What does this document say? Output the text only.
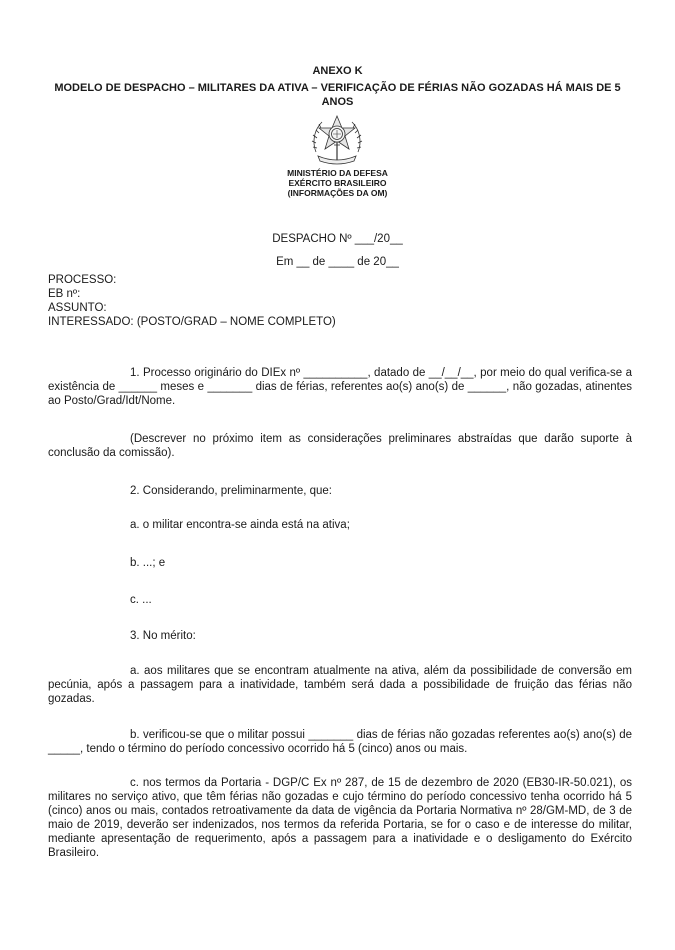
ANEXO K
MODELO DE DESPACHO – MILITARES DA ATIVA – VERIFICAÇÃO DE FÉRIAS NÃO GOZADAS HÁ MAIS DE 5 ANOS
MINISTÉRIO DA DEFESA
EXÉRCITO BRASILEIRO
(INFORMAÇÕES DA OM)
DESPACHO Nº ___/20__
Em __ de ____ de 20__
PROCESSO:
EB nº:
ASSUNTO:
INTERESSADO: (POSTO/GRAD – NOME COMPLETO)
1. Processo originário do DIEx nº __________, datado de __/__/__, por meio do qual verifica-se a existência de ______ meses e _______ dias de férias, referentes ao(s) ano(s) de ______, não gozadas, atinentes ao Posto/Grad/Idt/Nome.
(Descrever no próximo item as considerações preliminares abstraídas que darão suporte à conclusão da comissão).
2. Considerando, preliminarmente, que:
a. o militar encontra-se ainda está na ativa;
b. ...; e
c. ...
3. No mérito:
a. aos militares que se encontram atualmente na ativa, além da possibilidade de conversão em pecúnia, após a passagem para a inatividade, também será dada a possibilidade de fruição das férias não gozadas.
b. verificou-se que o militar possui _______ dias de férias não gozadas referentes ao(s) ano(s) de _____, tendo o término do período concessivo ocorrido há 5 (cinco) anos ou mais.
c. nos termos da Portaria - DGP/C Ex nº 287, de 15 de dezembro de 2020 (EB30-IR-50.021), os militares no serviço ativo, que têm férias não gozadas e cujo término do período concessivo tenha ocorrido há 5 (cinco) anos ou mais, contados retroativamente da data de vigência da Portaria Normativa nº 28/GM-MD, de 3 de maio de 2019, deverão ser indenizados, nos termos da referida Portaria, se for o caso e de interesse do militar, mediante apresentação de requerimento, após a passagem para a inatividade e o desligamento do Exército Brasileiro.
